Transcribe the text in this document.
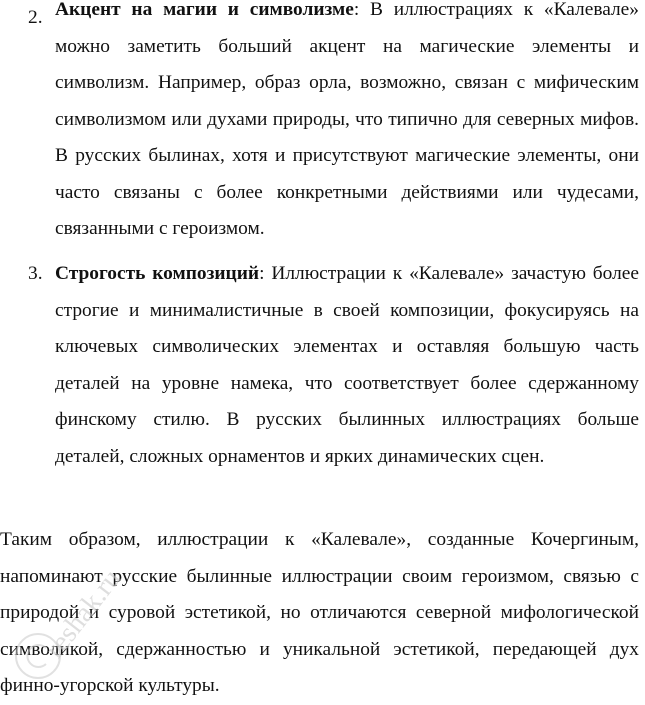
2. Акцент на магии и символизме: В иллюстрациях к «Калевале» можно заметить больший акцент на магические элементы и символизм. Например, образ орла, возможно, связан с мифическим символизмом или духами природы, что типично для северных мифов. В русских былинах, хотя и присутствуют магические элементы, они часто связаны с более конкретными действиями или чудесами, связанными с героизмом.
3. Строгость композиций: Иллюстрации к «Калевале» зачастую более строгие и минималистичные в своей композиции, фокусируясь на ключевых символических элементах и оставляя большую часть деталей на уровне намека, что соответствует более сдержанному финскому стилю. В русских былинных иллюстрациях больше деталей, сложных орнаментов и ярких динамических сцен.
Таким образом, иллюстрации к «Калевале», созданные Кочергиным, напоминают русские былинные иллюстрации своим героизмом, связью с природой и суровой эстетикой, но отличаются северной мифологической символикой, сдержанностью и уникальной эстетикой, передающей дух финно-угорской культуры.
reshak.ru
